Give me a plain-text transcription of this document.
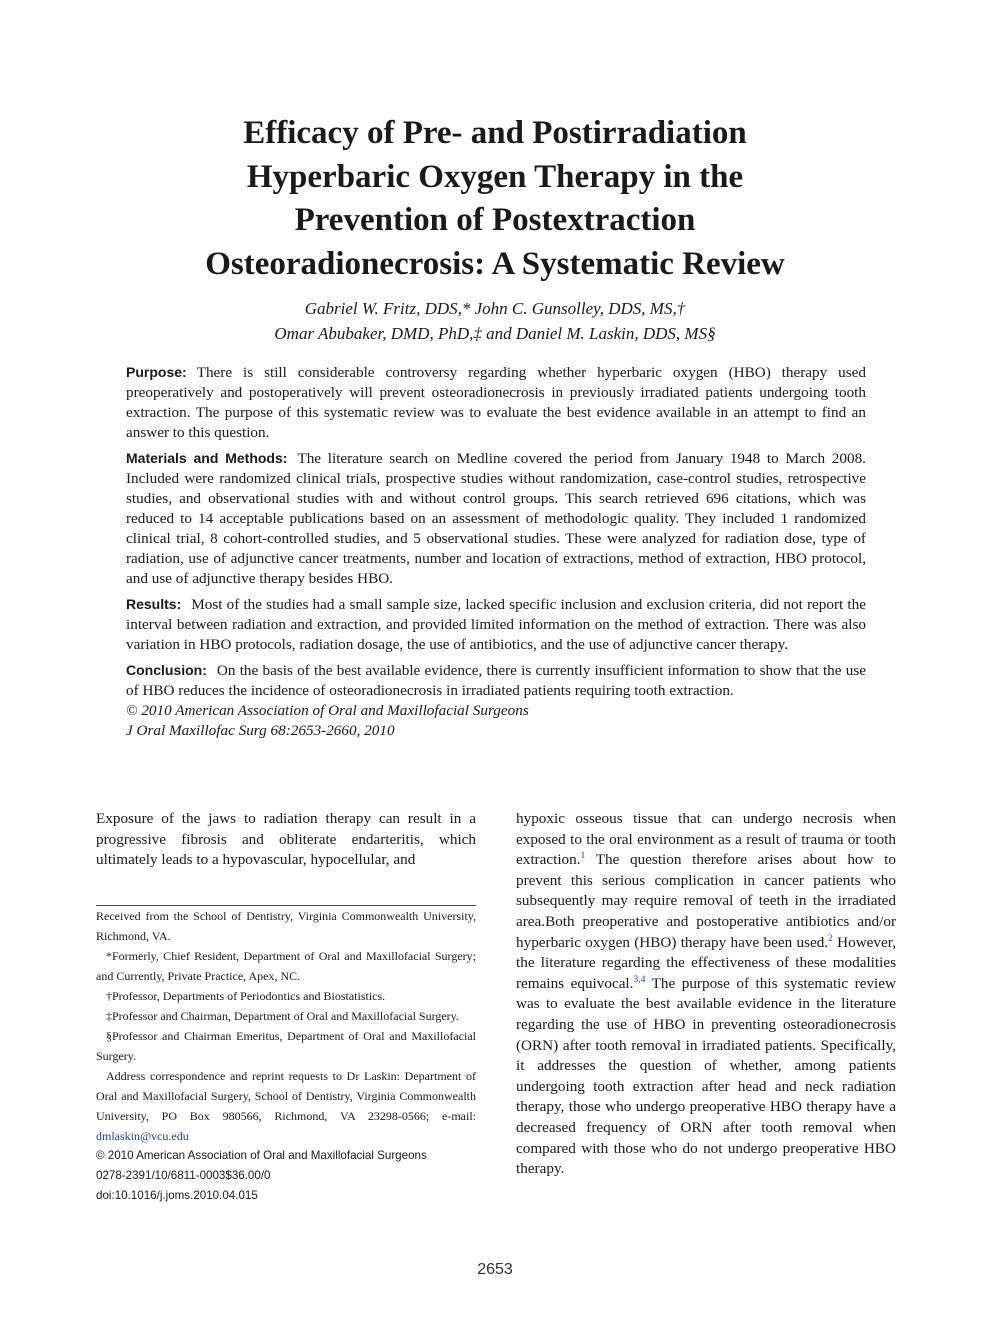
Efficacy of Pre- and Postirradiation
Hyperbaric Oxygen Therapy in the
Prevention of Postextraction
Osteoradionecrosis: A Systematic Review
Gabriel W. Fritz, DDS,* John C. Gunsolley, DDS, MS,†
Omar Abubaker, DMD, PhD,‡ and Daniel M. Laskin, DDS, MS§

Purpose: There is still considerable controversy regarding whether hyperbaric oxygen (HBO) therapy used preoperatively and postoperatively will prevent osteoradionecrosis in previously irradiated patients undergoing tooth extraction. The purpose of this systematic review was to evaluate the best evidence available in an attempt to find an answer to this question.

Materials and Methods: The literature search on Medline covered the period from January 1948 to March 2008. Included were randomized clinical trials, prospective studies without randomization, case-control studies, retrospective studies, and observational studies with and without control groups. This search retrieved 696 citations, which was reduced to 14 acceptable publications based on an assessment of methodologic quality. They included 1 randomized clinical trial, 8 cohort-controlled studies, and 5 observational studies. These were analyzed for radiation dose, type of radiation, use of adjunctive cancer treatments, number and location of extractions, method of extraction, HBO protocol, and use of adjunctive therapy besides HBO.

Results: Most of the studies had a small sample size, lacked specific inclusion and exclusion criteria, did not report the interval between radiation and extraction, and provided limited information on the method of extraction. There was also variation in HBO protocols, radiation dosage, the use of antibiotics, and the use of adjunctive cancer therapy.

Conclusion: On the basis of the best available evidence, there is currently insufficient information to show that the use of HBO reduces the incidence of osteoradionecrosis in irradiated patients requiring tooth extraction.

© 2010 American Association of Oral and Maxillofacial Surgeons
J Oral Maxillofac Surg 68:2653-2660, 2010

Exposure of the jaws to radiation therapy can result in a progressive fibrosis and obliterate endarteritis, which ultimately leads to a hypovascular, hypocellular, and

Received from the School of Dentistry, Virginia Commonwealth University, Richmond, VA.

*Formerly, Chief Resident, Department of Oral and Maxillofacial Surgery; and Currently, Private Practice, Apex, NC.

†Professor, Departments of Periodontics and Biostatistics.

‡Professor and Chairman, Department of Oral and Maxillofacial Surgery.

§Professor and Chairman Emeritus, Department of Oral and Maxillofacial Surgery.

Address correspondence and reprint requests to Dr Laskin: Department of Oral and Maxillofacial Surgery, School of Dentistry, Virginia Commonwealth University, PO Box 980566, Richmond, VA 23298-0566; e-mail: dmlaskin@vcu.edu

© 2010 American Association of Oral and Maxillofacial Surgeons

0278-2391/10/6811-0003$36.00/0

doi:10.1016/j.joms.2010.04.015

hypoxic osseous tissue that can undergo necrosis when exposed to the oral environment as a result of trauma or tooth extraction.$^1$ The question therefore arises about how to prevent this serious complication in cancer patients who subsequently may require removal of teeth in the irradiated area.Both preoperative and postoperative antibiotics and/or hyperbaric oxygen (HBO) therapy have been used.$^2$ However, the literature regarding the effectiveness of these modalities remains equivocal.$^{3,4}$ The purpose of this systematic review was to evaluate the best available evidence in the literature regarding the use of HBO in preventing osteoradionecrosis (ORN) after tooth removal in irradiated patients. Specifically, it addresses the question of whether, among patients undergoing tooth extraction after head and neck radiation therapy, those who undergo preoperative HBO therapy have a decreased frequency of ORN after tooth removal when compared with those who do not undergo preoperative HBO therapy.

2653
